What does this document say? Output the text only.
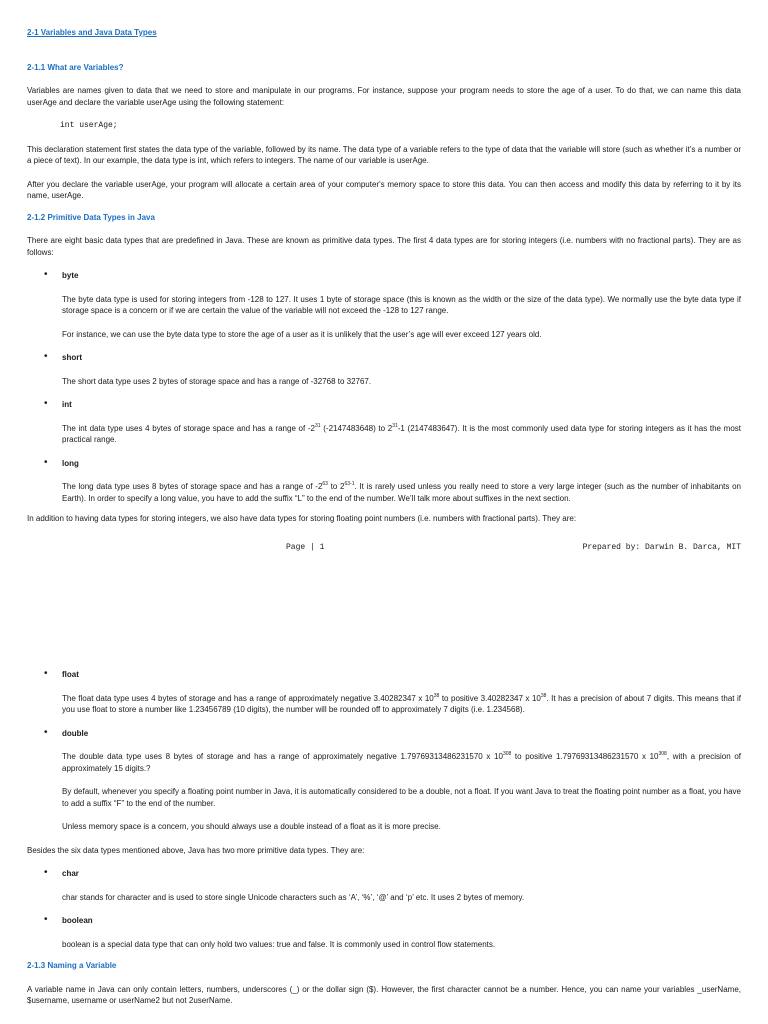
2-1 Variables and Java Data Types

2-1.1 What are Variables?

Variables are names given to data that we need to store and manipulate in our programs. For instance, suppose your program needs to store the age of a user. To do that, we can name this data userAge and declare the variable userAge using the following statement:

int userAge;

This declaration statement first states the data type of the variable, followed by its name. The data type of a variable refers to the type of data that the variable will store (such as whether it’s a number or a piece of text). In our example, the data type is int, which refers to integers. The name of our variable is userAge.

After you declare the variable userAge, your program will allocate a certain area of your computer's memory space to store this data. You can then access and modify this data by referring to it by its name, userAge.

2-1.2 Primitive Data Types in Java

There are eight basic data types that are predefined in Java. These are known as primitive data types. The first 4 data types are for storing integers (i.e. numbers with no fractional parts). They are as follows:

• byte

The byte data type is used for storing integers from -128 to 127. It uses 1 byte of storage space (this is known as the width or the size of the data type). We normally use the byte data type if storage space is a concern or if we are certain the value of the variable will not exceed the -128 to 127 range.

For instance, we can use the byte data type to store the age of a user as it is unlikely that the user’s age will ever exceed 127 years old.

• short

The short data type uses 2 bytes of storage space and has a range of -32768 to 32767.

• int

The int data type uses 4 bytes of storage space and has a range of $-2^{31}$ (-2147483648) to $2^{31}-1$ (2147483647). It is the most commonly used data type for storing integers as it has the most practical range.

• long

The long data type uses 8 bytes of storage space and has a range of $-2^{63}$ to 2$^{63-1}$. It is rarely used unless you really need to store a very large integer (such as the number of inhabitants on Earth). In order to specify a long value, you have to add the suffix “L” to the end of the number. We’ll talk more about suffixes in the next section.

In addition to having data types for storing integers, we also have data types for storing floating point numbers (i.e. numbers with fractional parts). They are:

Page | 1	Prepared by: Darwin B. Darca, MIT

• float

The float data type uses 4 bytes of storage and has a range of approximately negative 3.40282347 x $10^{38}$ to positive 3.40282347 x $10^{38}$. It has a precision of about 7 digits. This means that if you use float to store a number like 1.23456789 (10 digits), the number will be rounded off to approximately 7 digits (i.e. 1.234568).

• double

The double data type uses 8 bytes of storage and has a range of approximately negative 1.79769313486231570 x $10^{308}$ to positive 1.79769313486231570 x $10^{308}$, with a precision of approximately 15 digits.?

By default, whenever you specify a floating point number in Java, it is automatically considered to be a double, not a float. If you want Java to treat the floating point number as a float, you have to add a suffix “F” to the end of the number.

Unless memory space is a concern, you should always use a double instead of a float as it is more precise.

Besides the six data types mentioned above, Java has two more primitive data types. They are:

• char

char stands for character and is used to store single Unicode characters such as ‘A’, ‘%’, ‘@’ and ‘p’ etc. It uses 2 bytes of memory.

• boolean

boolean is a special data type that can only hold two values: true and false. It is commonly used in control flow statements.

2-1.3 Naming a Variable

A variable name in Java can only contain letters, numbers, underscores (_) or the dollar sign ($). However, the first character cannot be a number. Hence, you can name your variables _userName, $username, username or userName2 but not 2userName.
